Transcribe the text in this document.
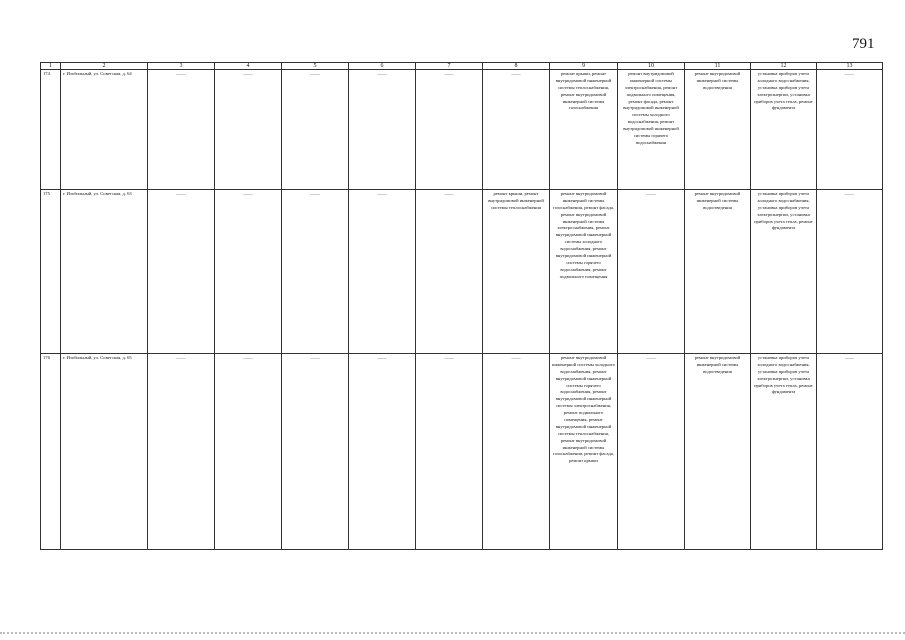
791
1	2	3	4	5	6	7	8	9	10	11	12	13
174	г. Изобильный, ул. Советская, д. 64	——	——	——	——	——	——	ремонт крыши, ремонт внутридомовой инженерной системы теплоснабжения, ремонт внутридомовой инженерной системы газоснабжения	ремонт внутридомовой инженерной системы электроснабжения, ремонт подвального помещения, ремонт фасада, ремонт внутридомовой инженерной системы холодного водоснабжения, ремонт внутридомовой инженерной системы горячего водоснабжения	ремонт внутридомовой инженерной системы водоотведения	установка приборов учета холодного водоснабжения, установка приборов учета электроэнергии, установка приборов учета тепла, ремонт фундамента	——
175	г. Изобильный, ул. Советская, д. 63	——	——	——	——	——	ремонт крыши, ремонт внутридомовой инженерной системы теплоснабжения	ремонт внутридомовой инженерной системы газоснабжения, ремонт фасада, ремонт внутридомовой инженерной системы электроснабжения, ремонт внутридомовой инженерной системы холодного водоснабжения, ремонт внутридомовой инженерной системы горячего водоснабжения, ремонт подвального помещения	——	ремонт внутридомовой инженерной системы водоотведения	установка приборов учета холодного водоснабжения, установка приборов учета электроэнергии, установка приборов учета тепла, ремонт фундамента	——
176	г. Изобильный, ул. Советская, д. 65	——	——	——	——	——	——	ремонт внутридомовой инженерной системы холодного водоснабжения, ремонт внутридомовой инженерной системы горячего водоснабжения, ремонт внутридомовой инженерной системы электроснабжения, ремонт подвального помещения, ремонт внутридомовой инженерной системы теплоснабжения, ремонт внутридомовой инженерной системы газоснабжения, ремонт фасада, ремонт крыши	——	ремонт внутридомовой инженерной системы водоотведения	установка приборов учета холодного водоснабжения, установка приборов учета электроэнергии, установка приборов учета тепла, ремонт фундамента	——
